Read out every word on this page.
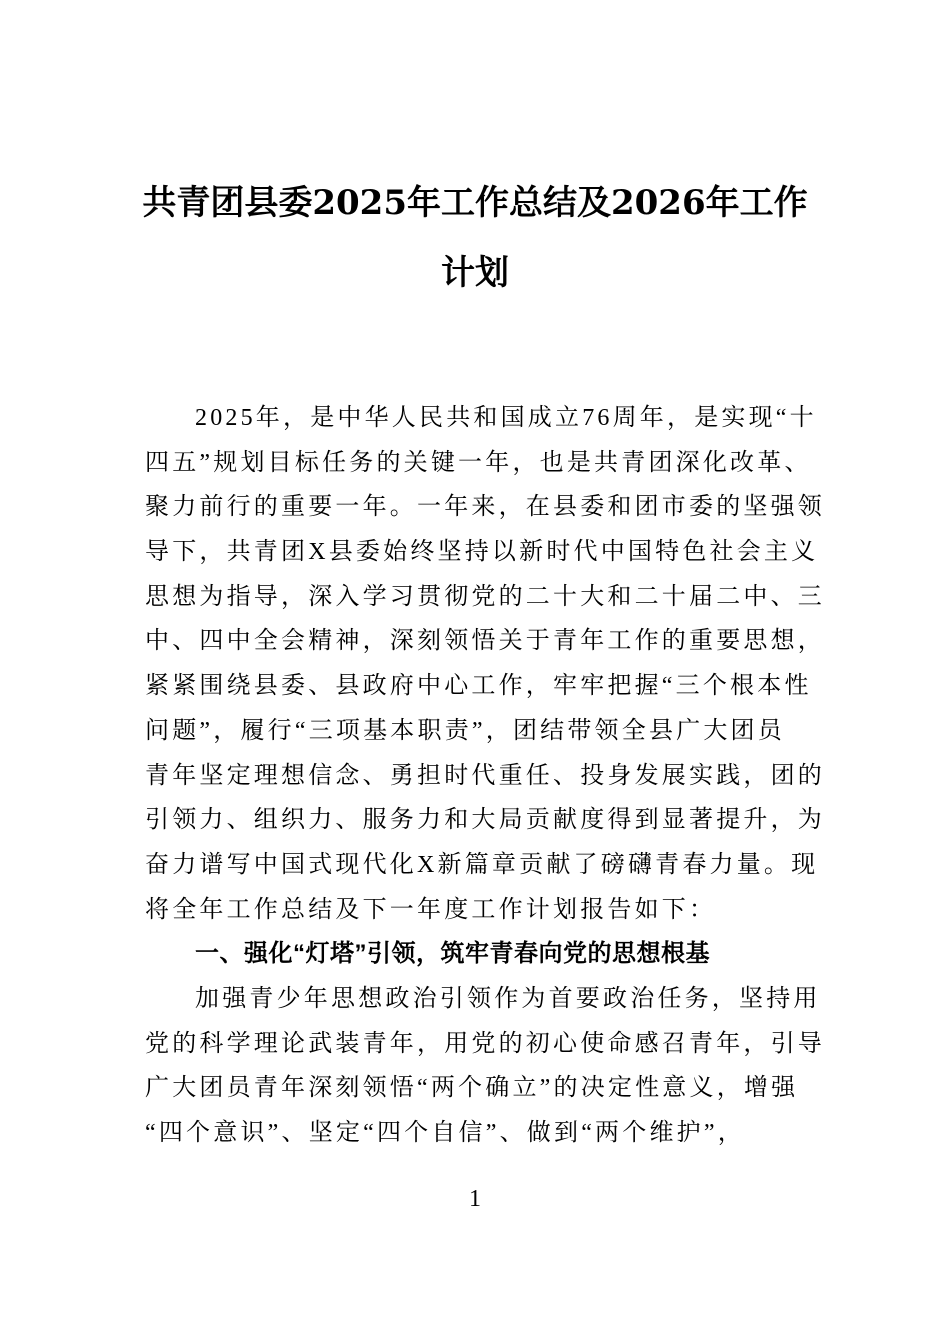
共青团县委2025年工作总结及2026年工作
计划
2025年，是中华人民共和国成立76周年，是实现“十
四五”规划目标任务的关键一年，也是共青团深化改革、
聚力前行的重要一年。一年来，在县委和团市委的坚强领
导下，共青团X县委始终坚持以新时代中国特色社会主义
思想为指导，深入学习贯彻党的二十大和二十届二中、三
中、四中全会精神，深刻领悟关于青年工作的重要思想，
紧紧围绕县委、县政府中心工作，牢牢把握“三个根本性
问题”，履行“三项基本职责”，团结带领全县广大团员
青年坚定理想信念、勇担时代重任、投身发展实践，团的
引领力、组织力、服务力和大局贡献度得到显著提升，为
奋力谱写中国式现代化X新篇章贡献了磅礴青春力量。现
将全年工作总结及下一年度工作计划报告如下：
一、强化“灯塔”引领，筑牢青春向党的思想根基
加强青少年思想政治引领作为首要政治任务，坚持用
党的科学理论武装青年，用党的初心使命感召青年，引导
广大团员青年深刻领悟“两个确立”的决定性意义，增强
“四个意识”、坚定“四个自信”、做到“两个维护”，
1
